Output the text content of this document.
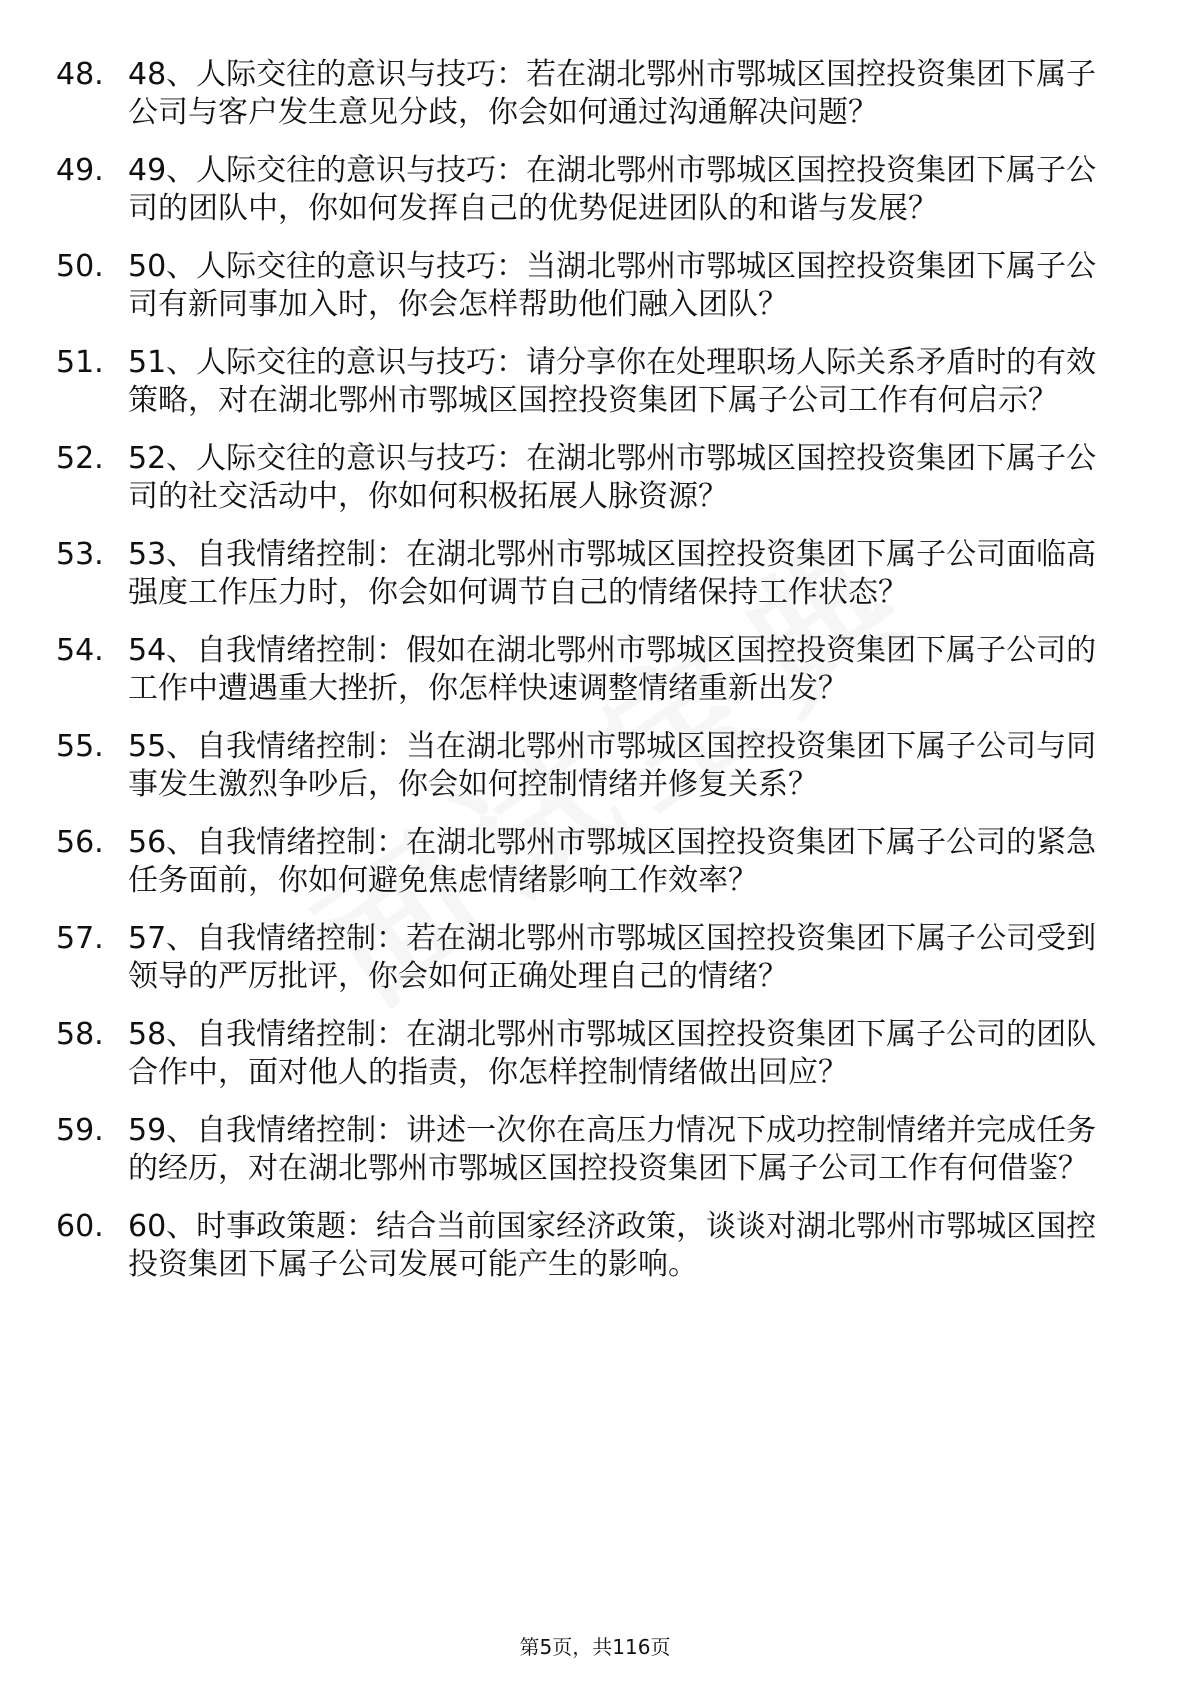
48. 48、人际交往的意识与技巧：若在湖北鄂州市鄂城区国控投资集团下属子公司与客户发生意见分歧，你会如何通过沟通解决问题？
49. 49、人际交往的意识与技巧：在湖北鄂州市鄂城区国控投资集团下属子公司的团队中，你如何发挥自己的优势促进团队的和谐与发展？
50. 50、人际交往的意识与技巧：当湖北鄂州市鄂城区国控投资集团下属子公司有新同事加入时，你会怎样帮助他们融入团队？
51. 51、人际交往的意识与技巧：请分享你在处理职场人际关系矛盾时的有效策略，对在湖北鄂州市鄂城区国控投资集团下属子公司工作有何启示？
52. 52、人际交往的意识与技巧：在湖北鄂州市鄂城区国控投资集团下属子公司的社交活动中，你如何积极拓展人脉资源？
53. 53、自我情绪控制：在湖北鄂州市鄂城区国控投资集团下属子公司面临高强度工作压力时，你会如何调节自己的情绪保持工作状态？
54. 54、自我情绪控制：假如在湖北鄂州市鄂城区国控投资集团下属子公司的工作中遭遇重大挫折，你怎样快速调整情绪重新出发？
55. 55、自我情绪控制：当在湖北鄂州市鄂城区国控投资集团下属子公司与同事发生激烈争吵后，你会如何控制情绪并修复关系？
56. 56、自我情绪控制：在湖北鄂州市鄂城区国控投资集团下属子公司的紧急任务面前，你如何避免焦虑情绪影响工作效率？
57. 57、自我情绪控制：若在湖北鄂州市鄂城区国控投资集团下属子公司受到领导的严厉批评，你会如何正确处理自己的情绪？
58. 58、自我情绪控制：在湖北鄂州市鄂城区国控投资集团下属子公司的团队合作中，面对他人的指责，你怎样控制情绪做出回应？
59. 59、自我情绪控制：讲述一次你在高压力情况下成功控制情绪并完成任务的经历，对在湖北鄂州市鄂城区国控投资集团下属子公司工作有何借鉴？
60. 60、时事政策题：结合当前国家经济政策，谈谈对湖北鄂州市鄂城区国控投资集团下属子公司发展可能产生的影响。
第5页，共116页
